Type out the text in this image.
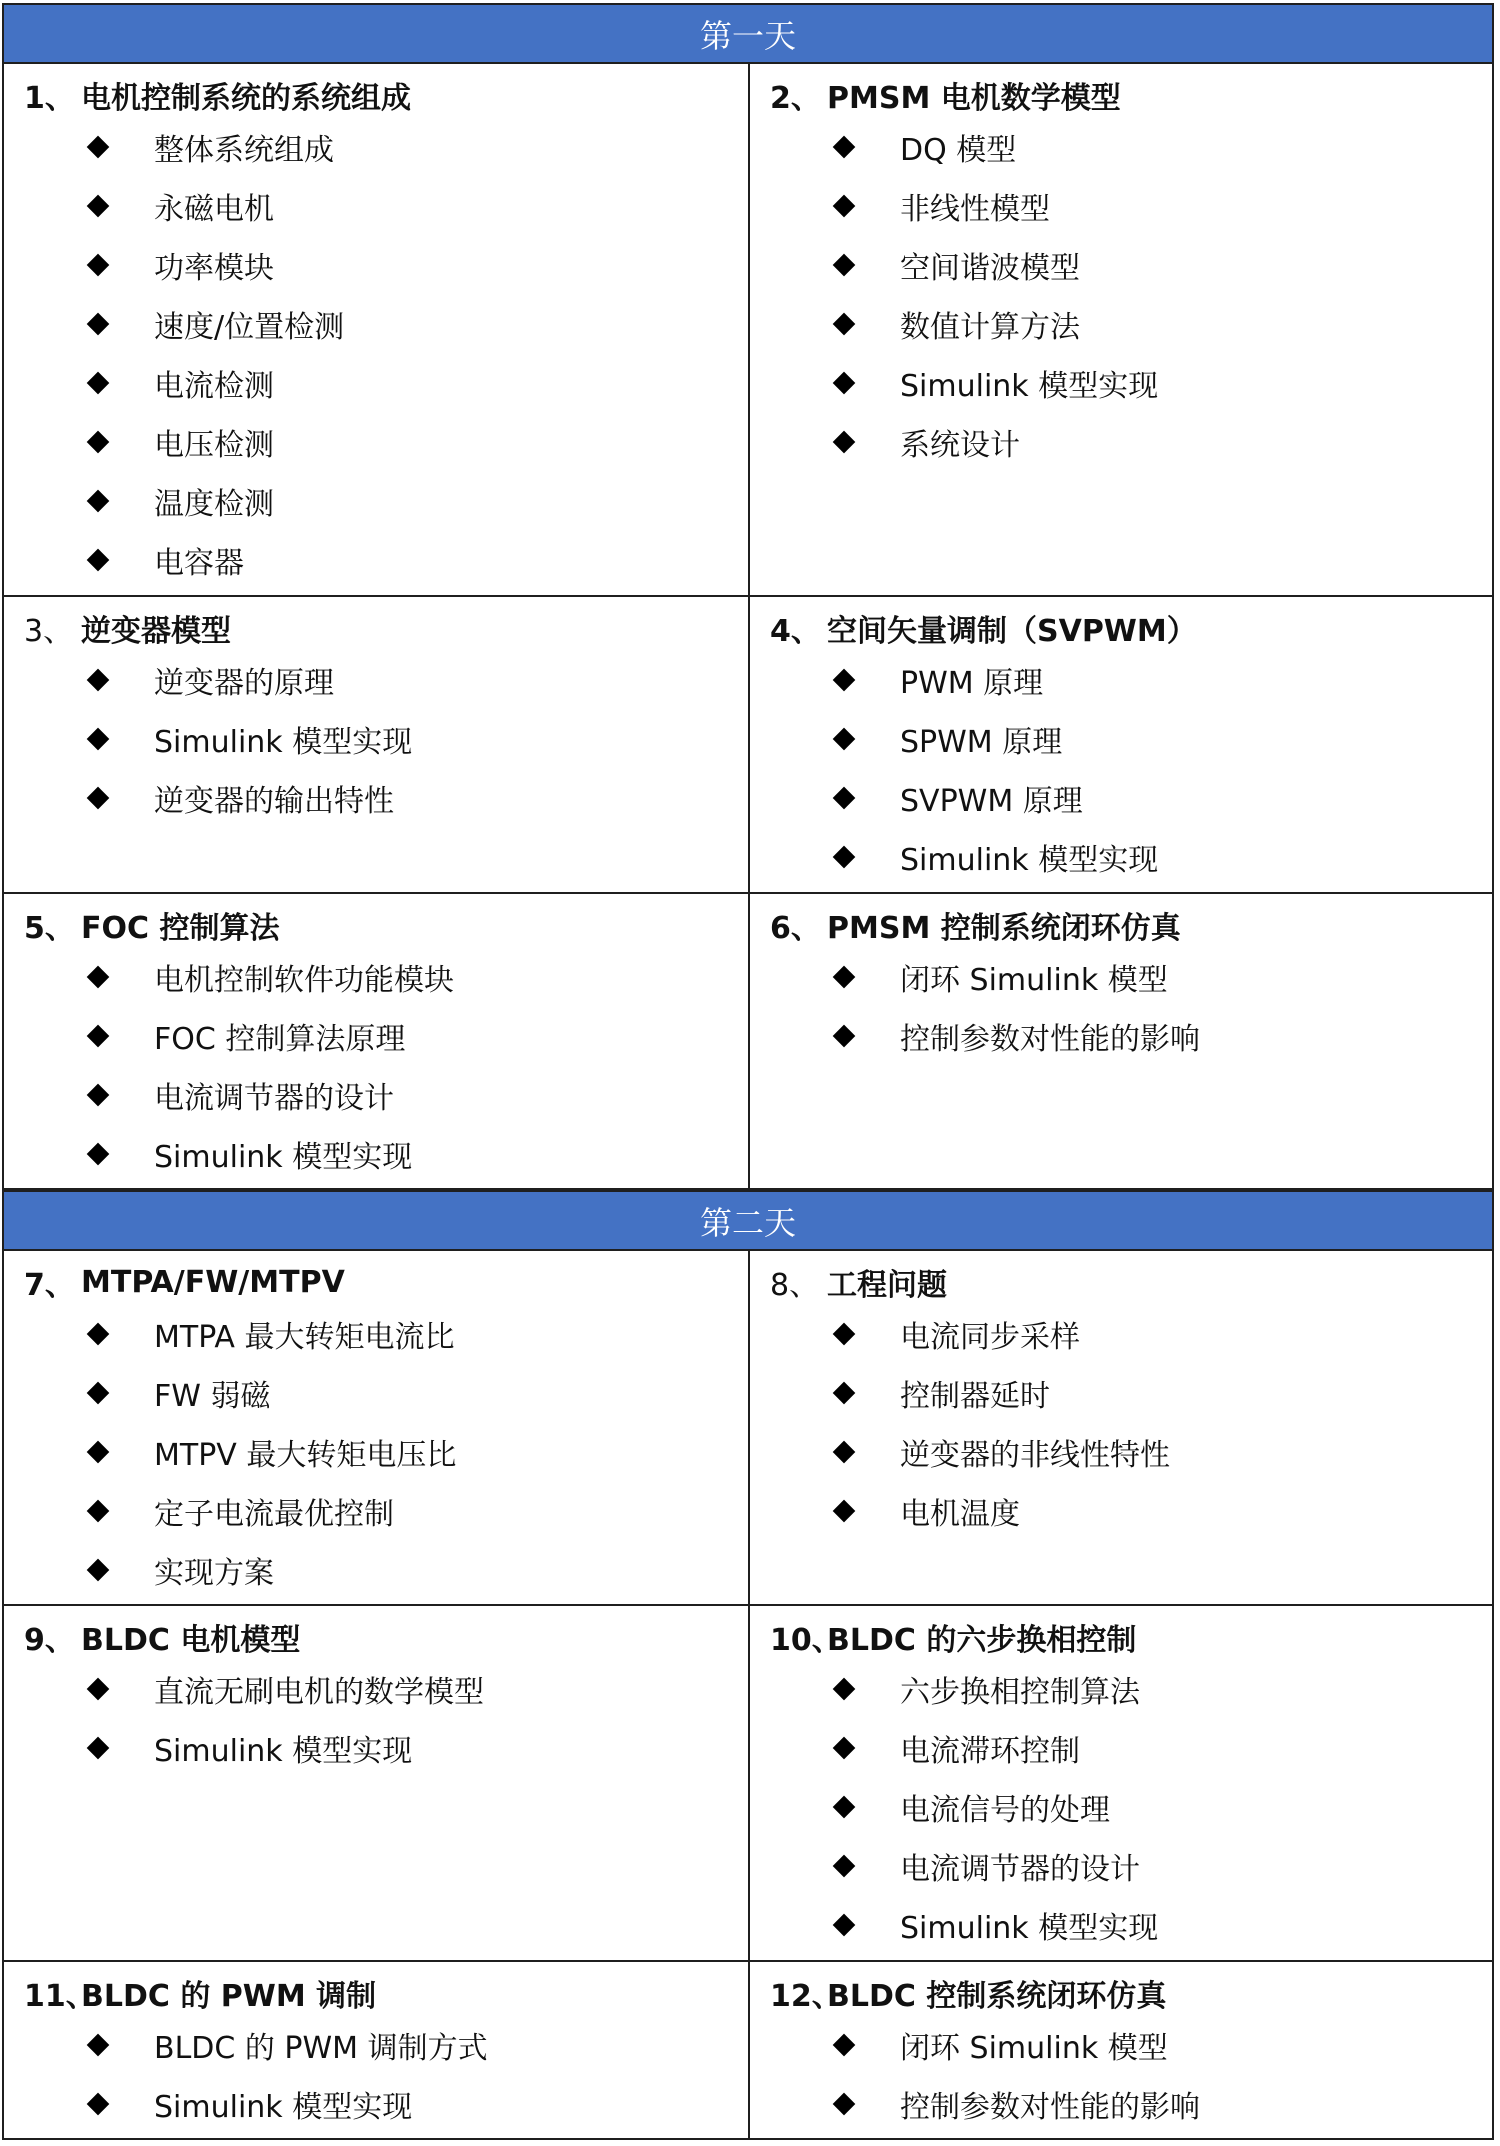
第一天
1、 电机控制系统的系统组成
整体系统组成
永磁电机
功率模块
速度/位置检测
电流检测
电压检测
温度检测
电容器
2、 PMSM 电机数学模型
DQ 模型
非线性模型
空间谐波模型
数值计算方法
Simulink 模型实现
系统设计
3、 逆变器模型
逆变器的原理
Simulink 模型实现
逆变器的输出特性
4、 空间矢量调制（SVPWM）
PWM 原理
SPWM 原理
SVPWM 原理
Simulink 模型实现
5、 FOC 控制算法
电机控制软件功能模块
FOC 控制算法原理
电流调节器的设计
Simulink 模型实现
6、 PMSM 控制系统闭环仿真
闭环 Simulink 模型
控制参数对性能的影响
第二天
7、 MTPA/FW/MTPV
MTPA 最大转矩电流比
FW 弱磁
MTPV 最大转矩电压比
定子电流最优控制
实现方案
8、 工程问题
电流同步采样
控制器延时
逆变器的非线性特性
电机温度
9、 BLDC 电机模型
直流无刷电机的数学模型
Simulink 模型实现
10、
BLDC 的六步换相控制
六步换相控制算法
电流滞环控制
电流信号的处理
电流调节器的设计
Simulink 模型实现
11、
BLDC 的 PWM 调制
BLDC 的 PWM 调制方式
Simulink 模型实现
12、
BLDC 控制系统闭环仿真
闭环 Simulink 模型
控制参数对性能的影响
